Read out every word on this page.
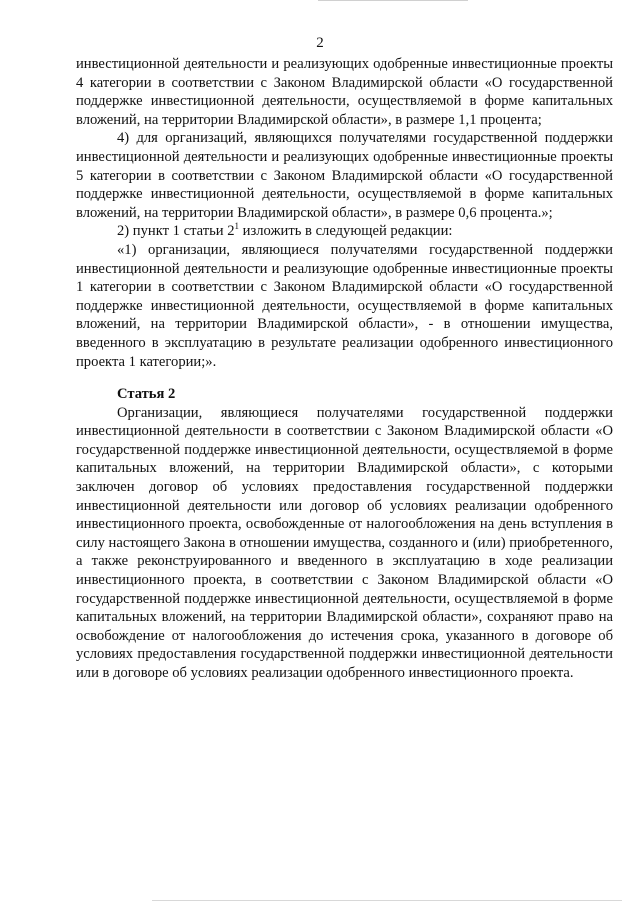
2

инвестиционной деятельности и реализующих одобренные инвестиционные проекты 4 категории в соответствии с Законом Владимирской области «О государственной поддержке инвестиционной деятельности, осуществляемой в форме капитальных вложений, на территории Владимирской области», в размере 1,1 процента;

4) для организаций, являющихся получателями государственной поддержки инвестиционной деятельности и реализующих одобренные инвестиционные проекты 5 категории в соответствии с Законом Владимирской области «О государственной поддержке инвестиционной деятельности, осуществляемой в форме капитальных вложений, на территории Владимирской области», в размере 0,6 процента.»;

2) пункт 1 статьи $2^1$ изложить в следующей редакции:

«1) организации, являющиеся получателями государственной поддержки инвестиционной деятельности и реализующие одобренные инвестиционные проекты 1 категории в соответствии с Законом Владимирской области «О государственной поддержке инвестиционной деятельности, осуществляемой в форме капитальных вложений, на территории Владимирской области», - в отношении имущества, введенного в эксплуатацию в результате реализации одобренного инвестиционного проекта 1 категории;».

Статья 2

Организации, являющиеся получателями государственной поддержки инвестиционной деятельности в соответствии с Законом Владимирской области «О государственной поддержке инвестиционной деятельности, осуществляемой в форме капитальных вложений, на территории Владимирской области», с которыми заключен договор об условиях предоставления государственной поддержки инвестиционной деятельности или договор об условиях реализации одобренного инвестиционного проекта, освобожденные от налогообложения на день вступления в силу настоящего Закона в отношении имущества, созданного и (или) приобретенного, а также реконструированного и введенного в эксплуатацию в ходе реализации инвестиционного проекта, в соответствии с Законом Владимирской области «О государственной поддержке инвестиционной деятельности, осуществляемой в форме капитальных вложений, на территории Владимирской области», сохраняют право на освобождение от налогообложения до истечения срока, указанного в договоре об условиях предоставления государственной поддержки инвестиционной деятельности или в договоре об условиях реализации одобренного инвестиционного проекта.
